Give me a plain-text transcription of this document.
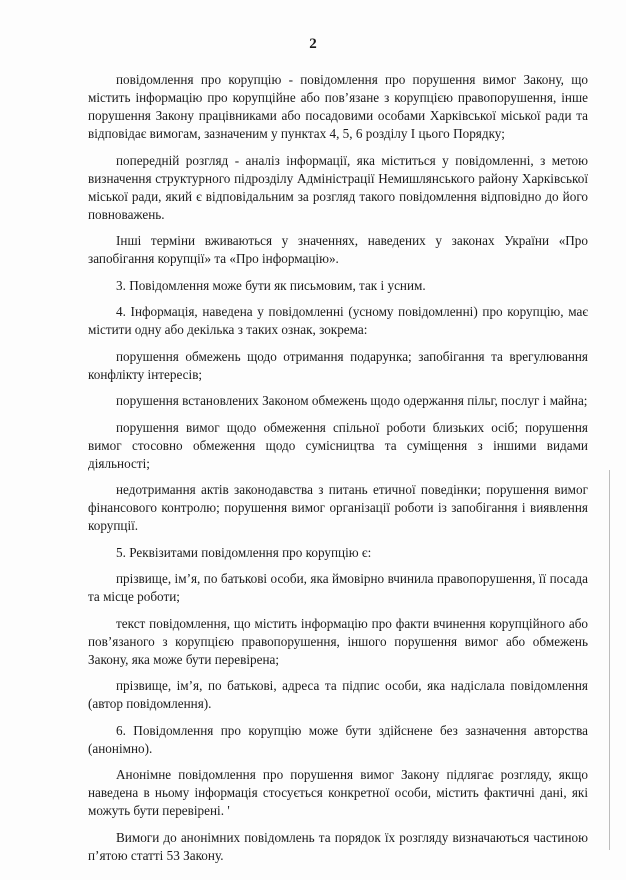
2

повідомлення про корупцію - повідомлення про порушення вимог Закону, що містить інформацію про корупційне або пов’язане з корупцією правопорушення, інше порушення Закону працівниками або посадовими особами Харківської міської ради та відповідає вимогам, зазначеним у пунктах 4, 5, 6 розділу І цього Порядку;

попередній розгляд - аналіз інформації, яка міститься у повідомленні, з метою визначення структурного підрозділу Адміністрації Немишлянського району Харківської міської ради, який є відповідальним за розгляд такого повідомлення відповідно до його повноважень.

Інші терміни вживаються у значеннях, наведених у законах України «Про запобігання корупції» та «Про інформацію».

3. Повідомлення може бути як письмовим, так і усним.

4. Інформація, наведена у повідомленні (усному повідомленні) про корупцію, має містити одну або декілька з таких ознак, зокрема:

порушення обмежень щодо отримання подарунка; запобігання та врегулювання конфлікту інтересів;

порушення встановлених Законом обмежень щодо одержання пільг, послуг і майна;

порушення вимог щодо обмеження спільної роботи близьких осіб; порушення вимог стосовно обмеження щодо сумісництва та суміщення з іншими видами діяльності;

недотримання актів законодавства з питань етичної поведінки; порушення вимог фінансового контролю; порушення вимог організації роботи із запобігання і виявлення корупції.

5. Реквізитами повідомлення про корупцію є:

прізвище, ім’я, по батькові особи, яка ймовірно вчинила правопорушення, її посада та місце роботи;

текст повідомлення, що містить інформацію про факти вчинення корупційного або пов’язаного з корупцією правопорушення, іншого порушення вимог або обмежень Закону, яка може бути перевірена;

прізвище, ім’я, по батькові, адреса та підпис особи, яка надіслала повідомлення (автор повідомлення).

6. Повідомлення про корупцію може бути здійснене без зазначення авторства (анонімно).

Анонімне повідомлення про порушення вимог Закону підлягає розгляду, якщо наведена в ньому інформація стосується конкретної особи, містить фактичні дані, які можуть бути перевірені. '

Вимоги до анонімних повідомлень та порядок їх розгляду визначаються частиною п’ятою статті 53 Закону.
